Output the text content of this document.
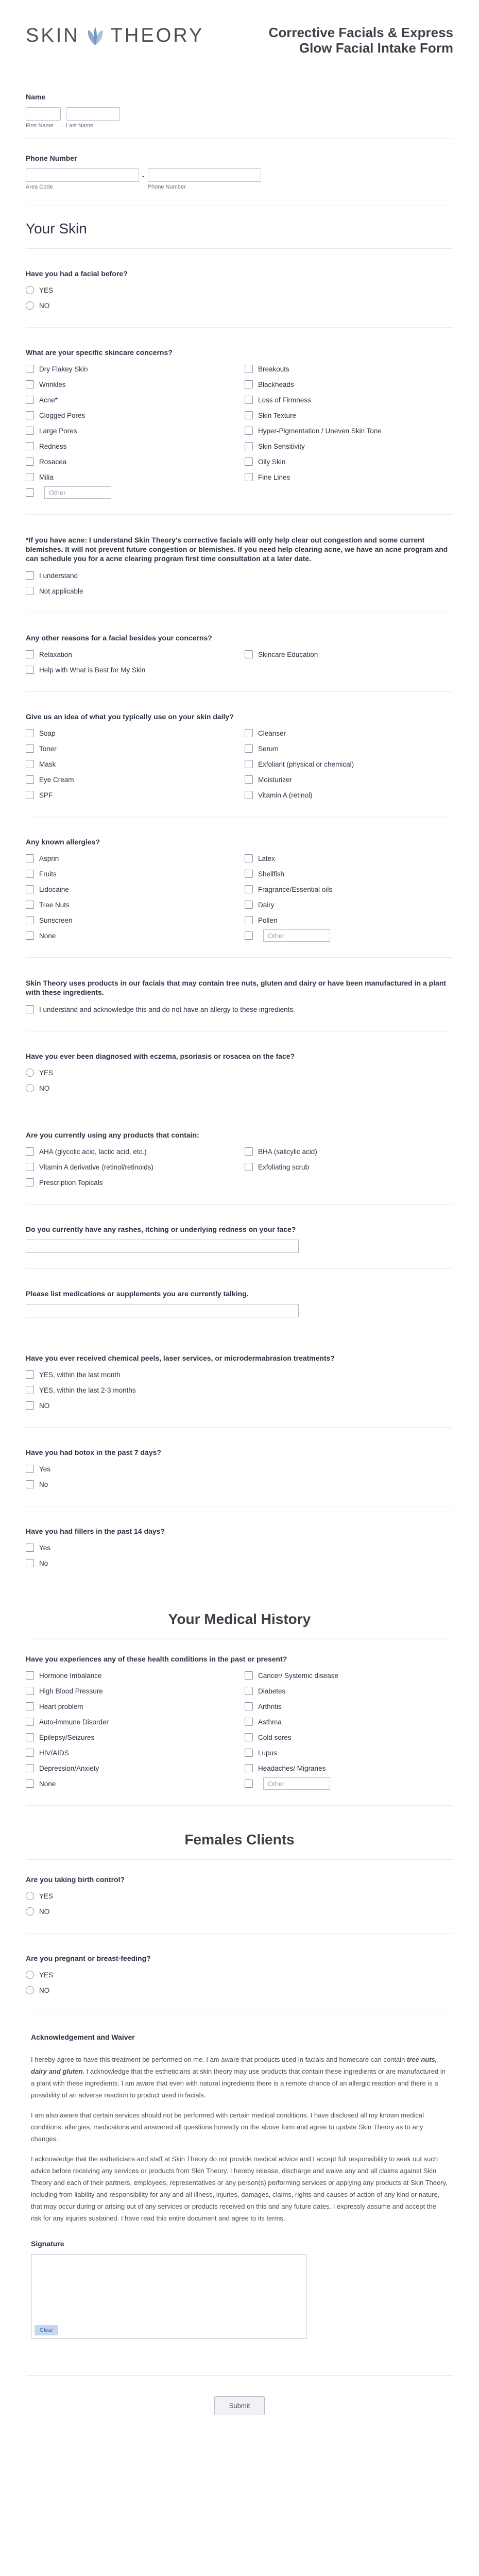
SKIN THEORY	Corrective Facials & Express
Glow Facial Intake Form
Name
First Name	Last Name
Phone Number
Area Code
-
Phone Number
Your Skin
Have you had a facial before?
YES
NO
What are your specific skincare concerns?
Dry Flakey Skin
Wrinkles
Acne*
Clogged Pores
Large Pores
Redness
Rosacea
Milia
Other
Breakouts
Blackheads
Loss of Firmness
Skin Texture
Hyper-Pigmentation / Uneven Skin Tone
Skin Sensitivity
Oily Skin
Fine Lines
*If you have acne: I understand Skin Theory's corrective facials will only help clear out congestion and some current blemishes. It will not prevent future congestion or blemishes. If you need help clearing acne, we have an acne program and can schedule you for a acne clearing program first time consultation at a later date.
I understand
Not applicable
Any other reasons for a facial besides your concerns?
Relaxation
Help with What is Best for My Skin
Skincare Education
Give us an idea of what you typically use on your skin daily?
Soap
Toner
Mask
Eye Cream
SPF
Cleanser
Serum
Exfoliant (physical or chemical)
Moisturizer
Vitamin A (retinol)
Any known allergies?
Asprin
Fruits
Lidocaine
Tree Nuts
Sunscreen
None
Latex
Shellfish
Fragrance/Essential oils
Dairy
Pollen
Other
Skin Theory uses products in our facials that may contain tree nuts, gluten and dairy or have been manufactured in a plant with these ingredients.
I understand and acknowledge this and do not have an allergy to these ingredients.
Have you ever been diagnosed with eczema, psoriasis or rosacea on the face?
YES
NO
Are you currently using any products that contain:
AHA (glycolic acid, lactic acid, etc.)
Vitamin A derivative (retinol/retinoids)
Prescription Topicals
BHA (salicylic acid)
Exfoliating scrub
Do you currently have any rashes, itching or underlying redness on your face?
Please list medications or supplements you are currently talking.
Have you ever received chemical peels, laser services, or microdermabrasion treatments?
YES, within the last month
YES, within the last 2-3 months
NO
Have you had botox in the past 7 days?
Yes
No
Have you had fillers in the past 14 days?
Yes
No
Your Medical History
Have you experiences any of these health conditions in the past or present?
Hormone Imbalance
High Blood Pressure
Heart problem
Auto-immune Disorder
Epilepsy/Seizures
HIV/AIDS
Depression/Anxiety
None
Cancer/ Systemic disease
Diabetes
Arthritis
Asthma
Cold sores
Lupus
Headaches/ Migranes
Other
Females Clients
Are you taking birth control?
YES
NO
Are you pregnant or breast-feeding?
YES
NO
Acknowledgement and Waiver

I hereby agree to have this treatment be performed on me. I am aware that products used in facials and homecare can contain tree nuts, dairy and gluten. I acknowledge that the estheticians at skin theory may use products that contain these ingredients or are manufactured in a plant with these ingredients. I am aware that even with natural ingredients there is a remote chance of an allergic reaction and there is a possibility of an adverse reaction to product used in facials.

I am also aware that certain services should not be performed with certain medical conditions. I have disclosed all my known medical conditions, allergies, medications and answered all questions honestly on the above form and agree to update Skin Theory as to any changes.

I acknowledge that the estheticians and staff at Skin Theory do not provide medical advice and I accept full responsibility to seek out such advice before receiving any services or products from Skin Theory. I hereby release, discharge and waive any and all claims against Skin Theory and each of their partners, employees, representatives or any person(s) performing services or applying any products at Skin Theory, including from liability and responsibility for any and all illness, injuries, damages, claims, rights and causes of action of any kind or nature, that may occur during or arising out of any services or products received on this and any future dates. I expressly assume and accept the risk for any injuries sustained. I have read this entire document and agree to its terms.

Signature
Clear
Submit
